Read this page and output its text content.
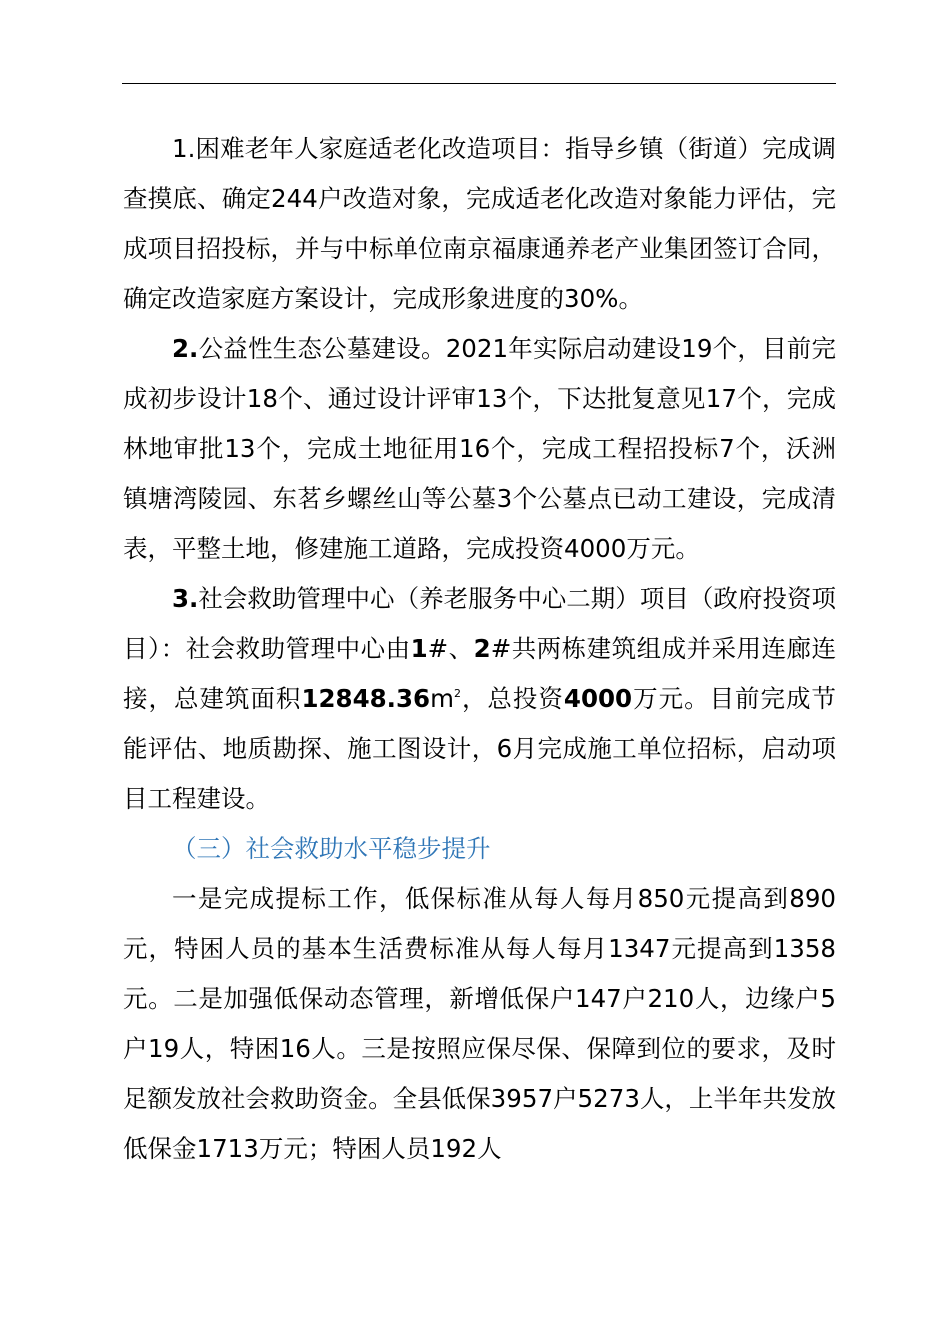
1.困难老年人家庭适老化改造项目：指导乡镇（街道）完成调查摸底、确定244户改造对象，完成适老化改造对象能力评估，完成项目招投标，并与中标单位南京福康通养老产业集团签订合同，确定改造家庭方案设计，完成形象进度的30%。

2.公益性生态公墓建设。2021年实际启动建设19个，目前完成初步设计18个、通过设计评审13个，下达批复意见17个，完成林地审批13个，完成土地征用16个，完成工程招投标7个，沃洲镇塘湾陵园、东茗乡螺丝山等公墓3个公墓点已动工建设，完成清表，平整土地，修建施工道路，完成投资4000万元。

3.社会救助管理中心（养老服务中心二期）项目（政府投资项目）：社会救助管理中心由1#、2#共两栋建筑组成并采用连廊连接，总建筑面积$12848.36m^2$，总投资4000万元。目前完成节能评估、地质勘探、施工图设计，6月完成施工单位招标，启动项目工程建设。

（三）社会救助水平稳步提升

一是完成提标工作，低保标准从每人每月850元提高到890元，特困人员的基本生活费标准从每人每月1347元提高到1358元。二是加强低保动态管理，新增低保户147户210人，边缘户5户19人，特困16人。三是按照应保尽保、保障到位的要求，及时足额发放社会救助资金。全县低保3957户5273人，上半年共发放低保金1713万元；特困人员192人
